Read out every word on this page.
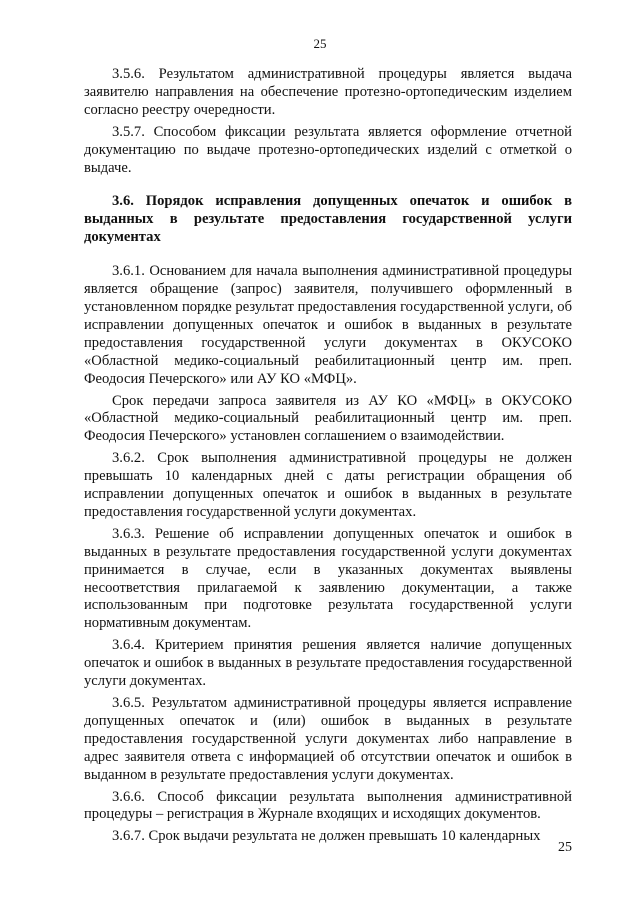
25

3.5.6. Результатом административной процедуры является выдача заявителю направления на обеспечение протезно-ортопедическим изделием согласно реестру очередности.

3.5.7. Способом фиксации результата является оформление отчетной документацию по выдаче протезно-ортопедических изделий с отметкой о выдаче.

3.6. Порядок исправления допущенных опечаток и ошибок в выданных в результате предоставления государственной услуги документах

3.6.1. Основанием для начала выполнения административной процедуры является обращение (запрос) заявителя, получившего оформленный в установленном порядке результат предоставления государственной услуги, об исправлении допущенных опечаток и ошибок в выданных в результате предоставления государственной услуги документах в ОКУСОКО «Областной медико-социальный реабилитационный центр им. преп. Феодосия Печерского» или АУ КО «МФЦ».

Срок передачи запроса заявителя из АУ КО «МФЦ» в ОКУСОКО «Областной медико-социальный реабилитационный центр им. преп. Феодосия Печерского» установлен соглашением о взаимодействии.

3.6.2. Срок выполнения административной процедуры не должен превышать 10 календарных дней с даты регистрации обращения об исправлении допущенных опечаток и ошибок в выданных в результате предоставления государственной услуги документах.

3.6.3. Решение об исправлении допущенных опечаток и ошибок в выданных в результате предоставления государственной услуги документах принимается в случае, если в указанных документах выявлены несоответствия прилагаемой к заявлению документации, а также использованным при подготовке результата государственной услуги нормативным документам.

3.6.4. Критерием принятия решения является наличие допущенных опечаток и ошибок в выданных в результате предоставления государственной услуги документах.

3.6.5. Результатом административной процедуры является исправление допущенных опечаток и (или) ошибок в выданных в результате предоставления государственной услуги документах либо направление в адрес заявителя ответа с информацией об отсутствии опечаток и ошибок в выданном в результате предоставления услуги документах.

3.6.6. Способ фиксации результата выполнения административной процедуры – регистрация в Журнале входящих и исходящих документов.

3.6.7. Срок выдачи результата не должен превышать 10 календарных

25
